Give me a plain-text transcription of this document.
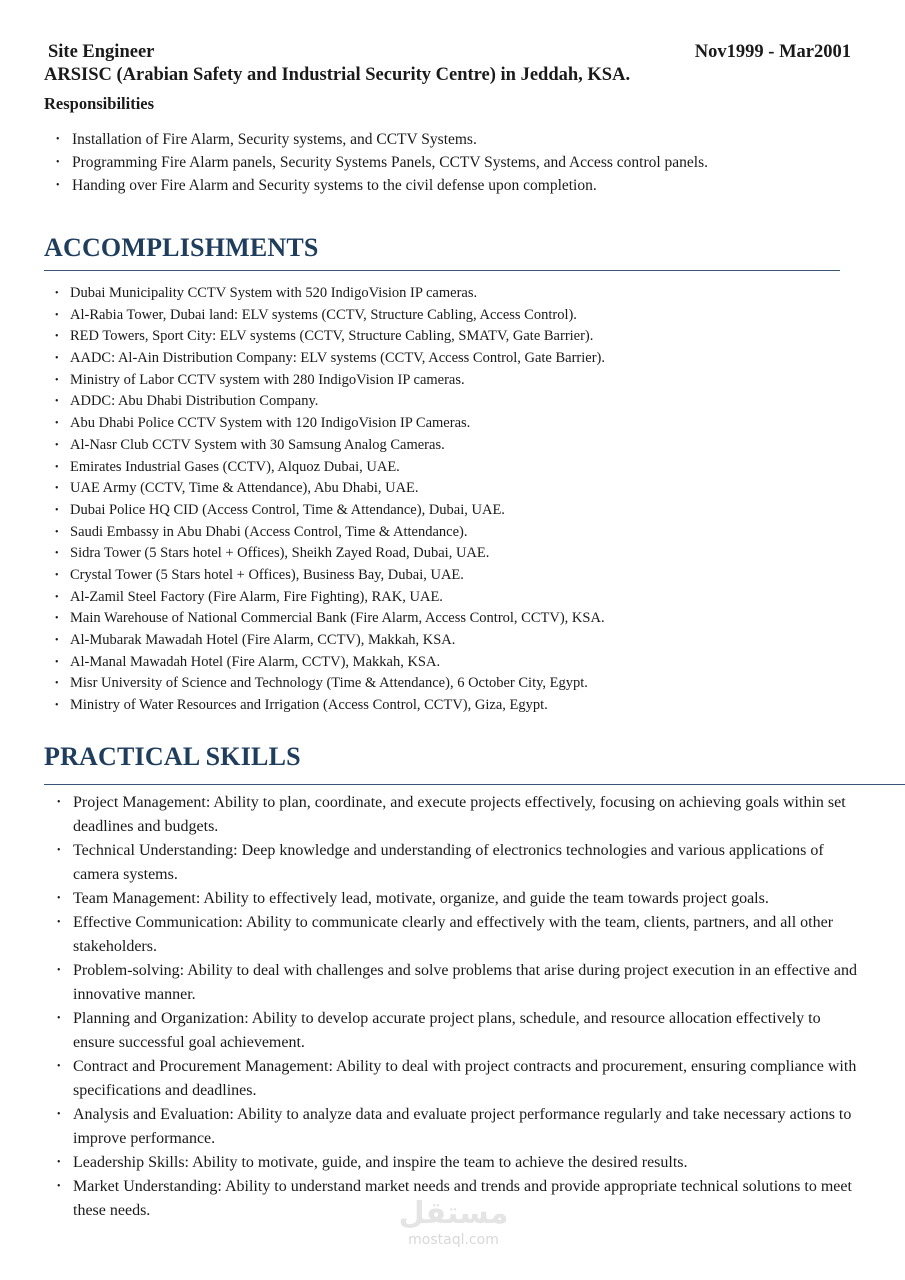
Site Engineer	Nov1999 - Mar2001
ARSISC (Arabian Safety and Industrial Security Centre) in Jeddah, KSA.
Responsibilities
• Installation of Fire Alarm, Security systems, and CCTV Systems.
• Programming Fire Alarm panels, Security Systems Panels, CCTV Systems, and Access control panels.
• Handing over Fire Alarm and Security systems to the civil defense upon completion.
ACCOMPLISHMENTS
• Dubai Municipality CCTV System with 520 IndigoVision IP cameras.
• Al-Rabia Tower, Dubai land: ELV systems (CCTV, Structure Cabling, Access Control).
• RED Towers, Sport City: ELV systems (CCTV, Structure Cabling, SMATV, Gate Barrier).
• AADC: Al-Ain Distribution Company: ELV systems (CCTV, Access Control, Gate Barrier).
• Ministry of Labor CCTV system with 280 IndigoVision IP cameras.
• ADDC: Abu Dhabi Distribution Company.
• Abu Dhabi Police CCTV System with 120 IndigoVision IP Cameras.
• Al-Nasr Club CCTV System with 30 Samsung Analog Cameras.
• Emirates Industrial Gases (CCTV), Alquoz Dubai, UAE.
• UAE Army (CCTV, Time & Attendance), Abu Dhabi, UAE.
• Dubai Police HQ CID (Access Control, Time & Attendance), Dubai, UAE.
• Saudi Embassy in Abu Dhabi (Access Control, Time & Attendance).
• Sidra Tower (5 Stars hotel + Offices), Sheikh Zayed Road, Dubai, UAE.
• Crystal Tower (5 Stars hotel + Offices), Business Bay, Dubai, UAE.
• Al-Zamil Steel Factory (Fire Alarm, Fire Fighting), RAK, UAE.
• Main Warehouse of National Commercial Bank (Fire Alarm, Access Control, CCTV), KSA.
• Al-Mubarak Mawadah Hotel (Fire Alarm, CCTV), Makkah, KSA.
• Al-Manal Mawadah Hotel (Fire Alarm, CCTV), Makkah, KSA.
• Misr University of Science and Technology (Time & Attendance), 6 October City, Egypt.
• Ministry of Water Resources and Irrigation (Access Control, CCTV), Giza, Egypt.
PRACTICAL SKILLS
• Project Management: Ability to plan, coordinate, and execute projects effectively, focusing on achieving goals within set deadlines and budgets.
• Technical Understanding: Deep knowledge and understanding of electronics technologies and various applications of camera systems.
• Team Management: Ability to effectively lead, motivate, organize, and guide the team towards project goals.
• Effective Communication: Ability to communicate clearly and effectively with the team, clients, partners, and all other stakeholders.
• Problem-solving: Ability to deal with challenges and solve problems that arise during project execution in an effective and innovative manner.
• Planning and Organization: Ability to develop accurate project plans, schedule, and resource allocation effectively to ensure successful goal achievement.
• Contract and Procurement Management: Ability to deal with project contracts and procurement, ensuring compliance with specifications and deadlines.
• Analysis and Evaluation: Ability to analyze data and evaluate project performance regularly and take necessary actions to improve performance.
• Leadership Skills: Ability to motivate, guide, and inspire the team to achieve the desired results.
• Market Understanding: Ability to understand market needs and trends and provide appropriate technical solutions to meet these needs.	مستقل
mostaql.com
